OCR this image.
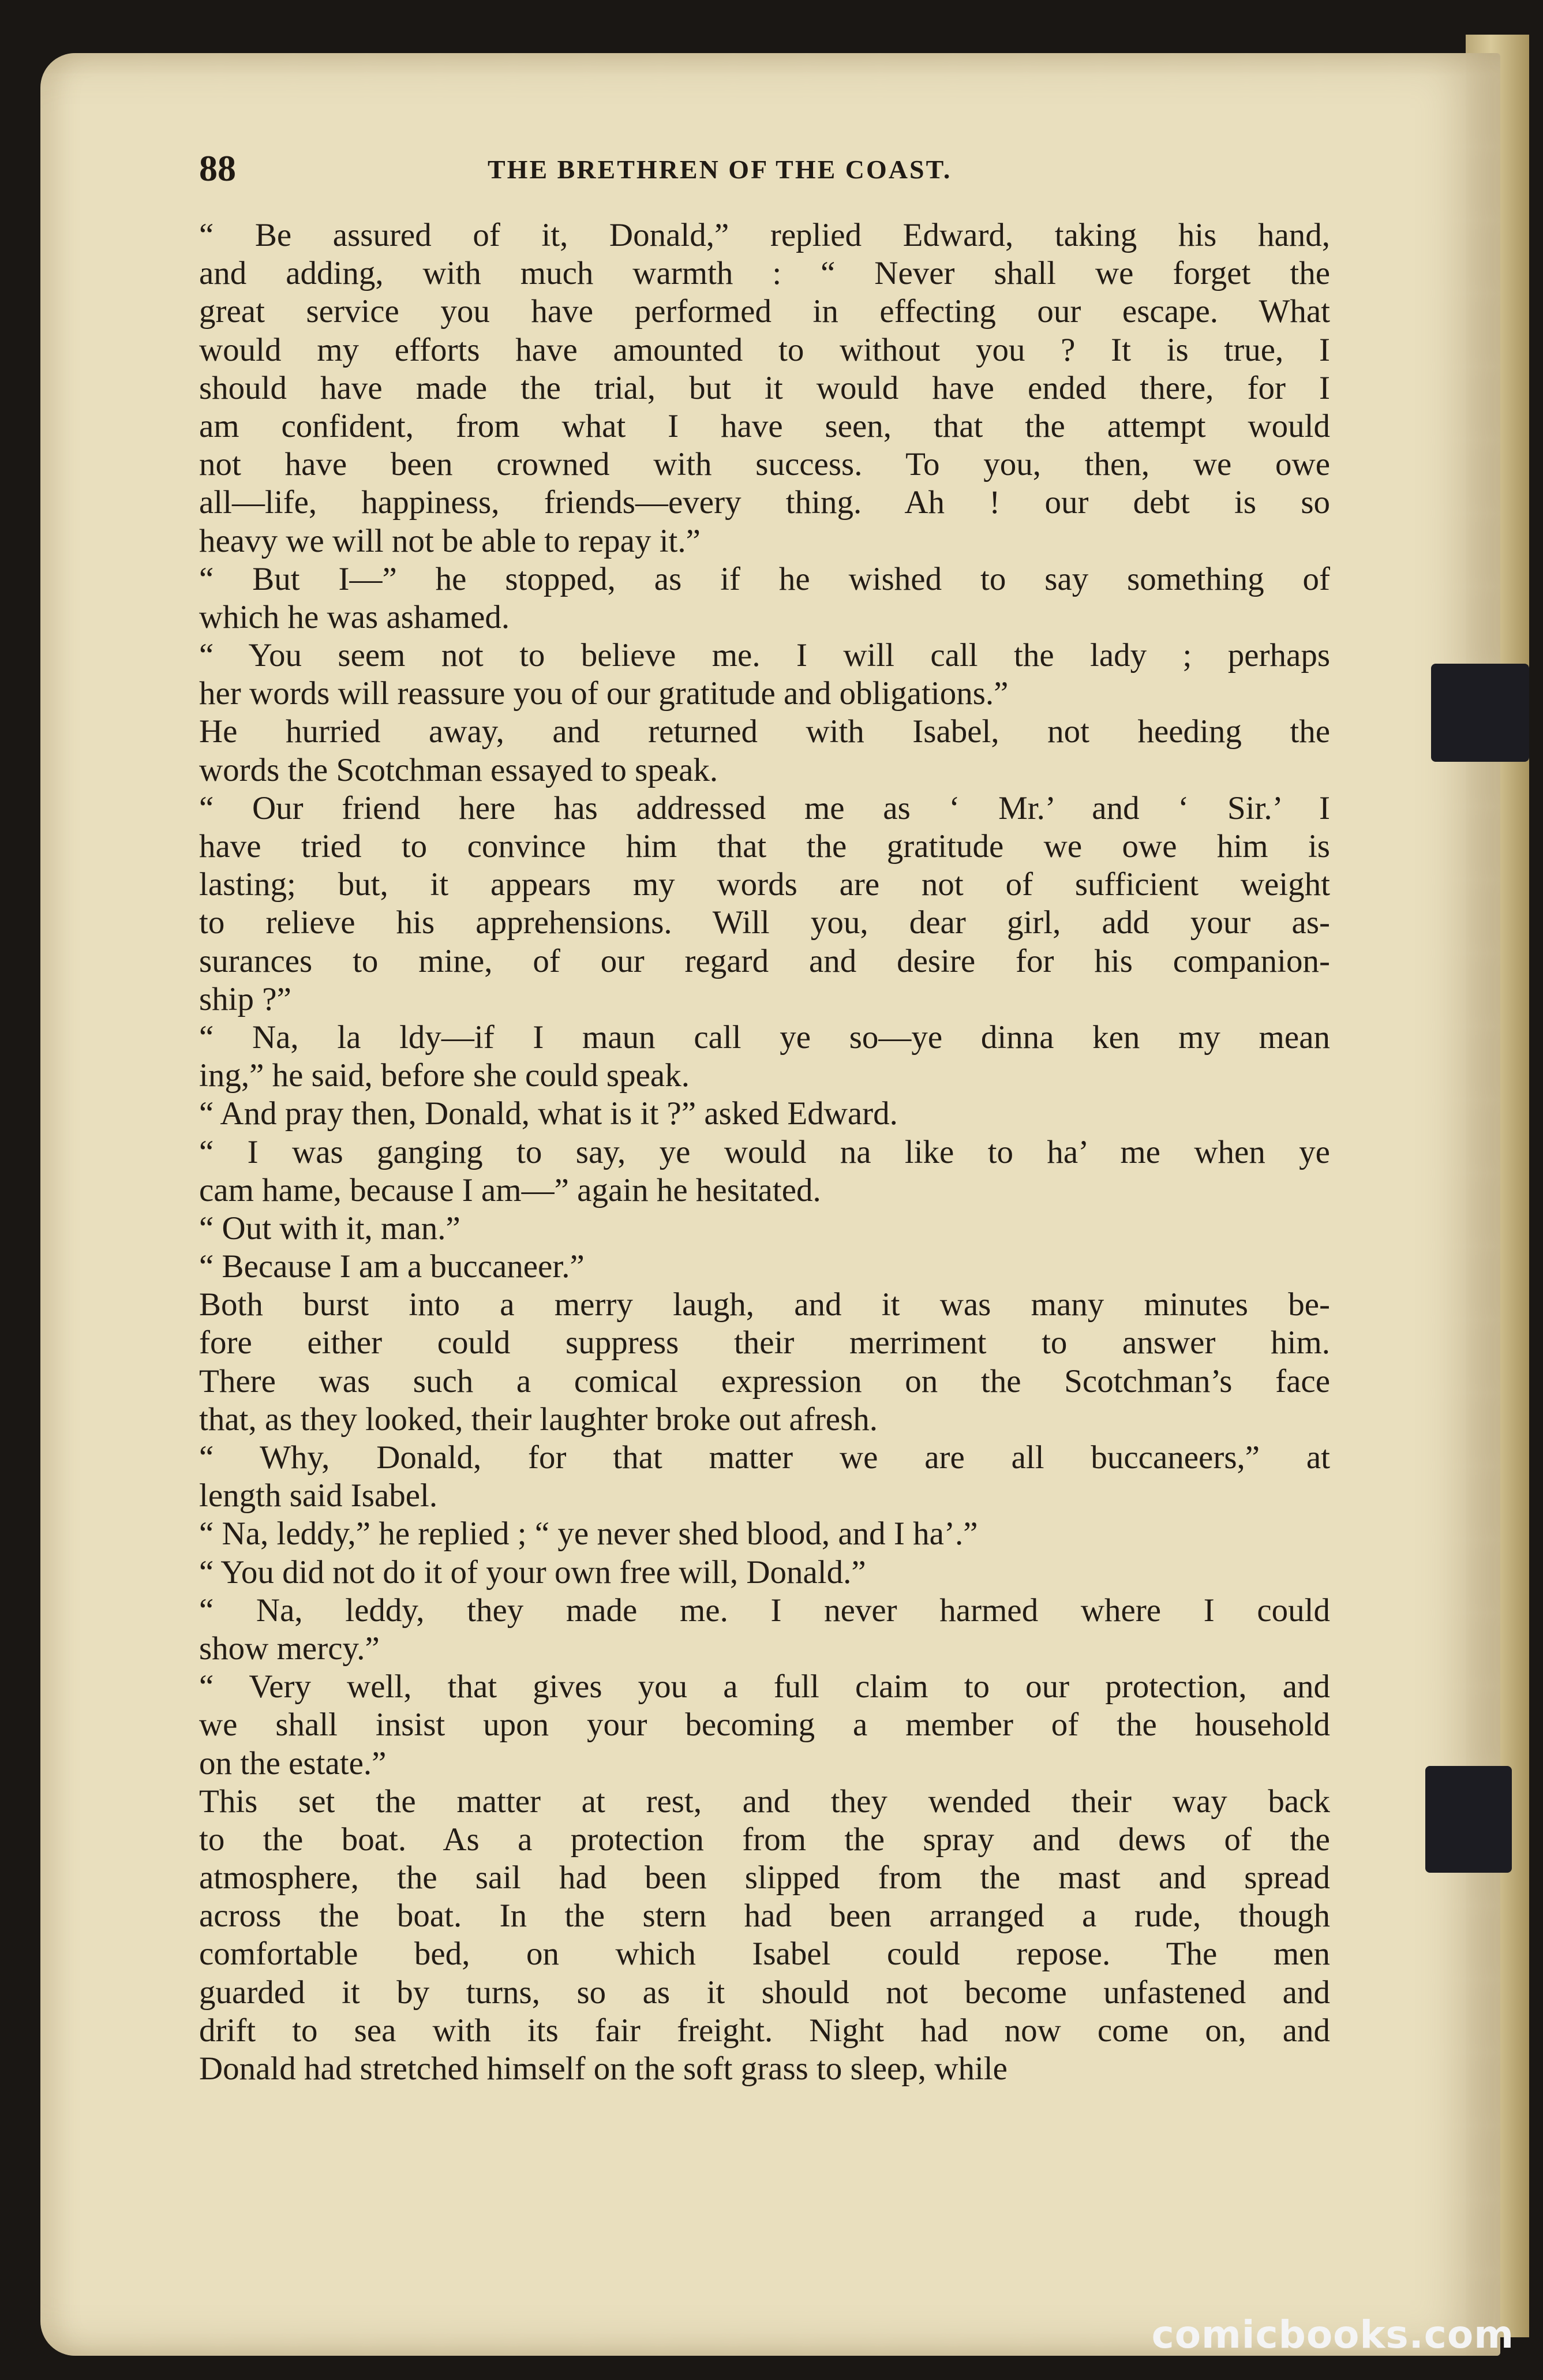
88	THE BRETHREN OF THE COAST.
“ Be assured of it, Donald,” replied Edward, taking his hand,
and adding, with much warmth : “ Never shall we forget the
great service you have performed in effecting our escape. What
would my efforts have amounted to without you ? It is true, I
should have made the trial, but it would have ended there, for I
am confident, from what I have seen, that the attempt would
not have been crowned with success. To you, then, we owe
all—life, happiness, friends—every thing. Ah ! our debt is so
heavy we will not be able to repay it.”
“ But I—” he stopped, as if he wished to say something of
which he was ashamed.
“ You seem not to believe me. I will call the lady ; perhaps
her words will reassure you of our gratitude and obligations.”
He hurried away, and returned with Isabel, not heeding the
words the Scotchman essayed to speak.
“ Our friend here has addressed me as ‘ Mr.’ and ‘ Sir.’ I
have tried to convince him that the gratitude we owe him is
lasting; but, it appears my words are not of sufficient weight
to relieve his apprehensions. Will you, dear girl, add your as-
surances to mine, of our regard and desire for his companion-
ship ?”
“ Na, la ldy—if I maun call ye so—ye dinna ken my mean
ing,” he said, before she could speak.
“ And pray then, Donald, what is it ?” asked Edward.
“ I was ganging to say, ye would na like to ha’ me when ye
cam hame, because I am—” again he hesitated.
“ Out with it, man.”
“ Because I am a buccaneer.”
Both burst into a merry laugh, and it was many minutes be-
fore either could suppress their merriment to answer him.
There was such a comical expression on the Scotchman’s face
that, as they looked, their laughter broke out afresh.
“ Why, Donald, for that matter we are all buccaneers,” at
length said Isabel.
“ Na, leddy,” he replied ; “ ye never shed blood, and I ha’.”
“ You did not do it of your own free will, Donald.”
“ Na, leddy, they made me. I never harmed where I could
show mercy.”
“ Very well, that gives you a full claim to our protection, and
we shall insist upon your becoming a member of the household
on the estate.”
This set the matter at rest, and they wended their way back
to the boat. As a protection from the spray and dews of the
atmosphere, the sail had been slipped from the mast and spread
across the boat. In the stern had been arranged a rude, though
comfortable bed, on which Isabel could repose. The men
guarded it by turns, so as it should not become unfastened and
drift to sea with its fair freight. Night had now come on, and
Donald had stretched himself on the soft grass to sleep, while
comicbooks.com
